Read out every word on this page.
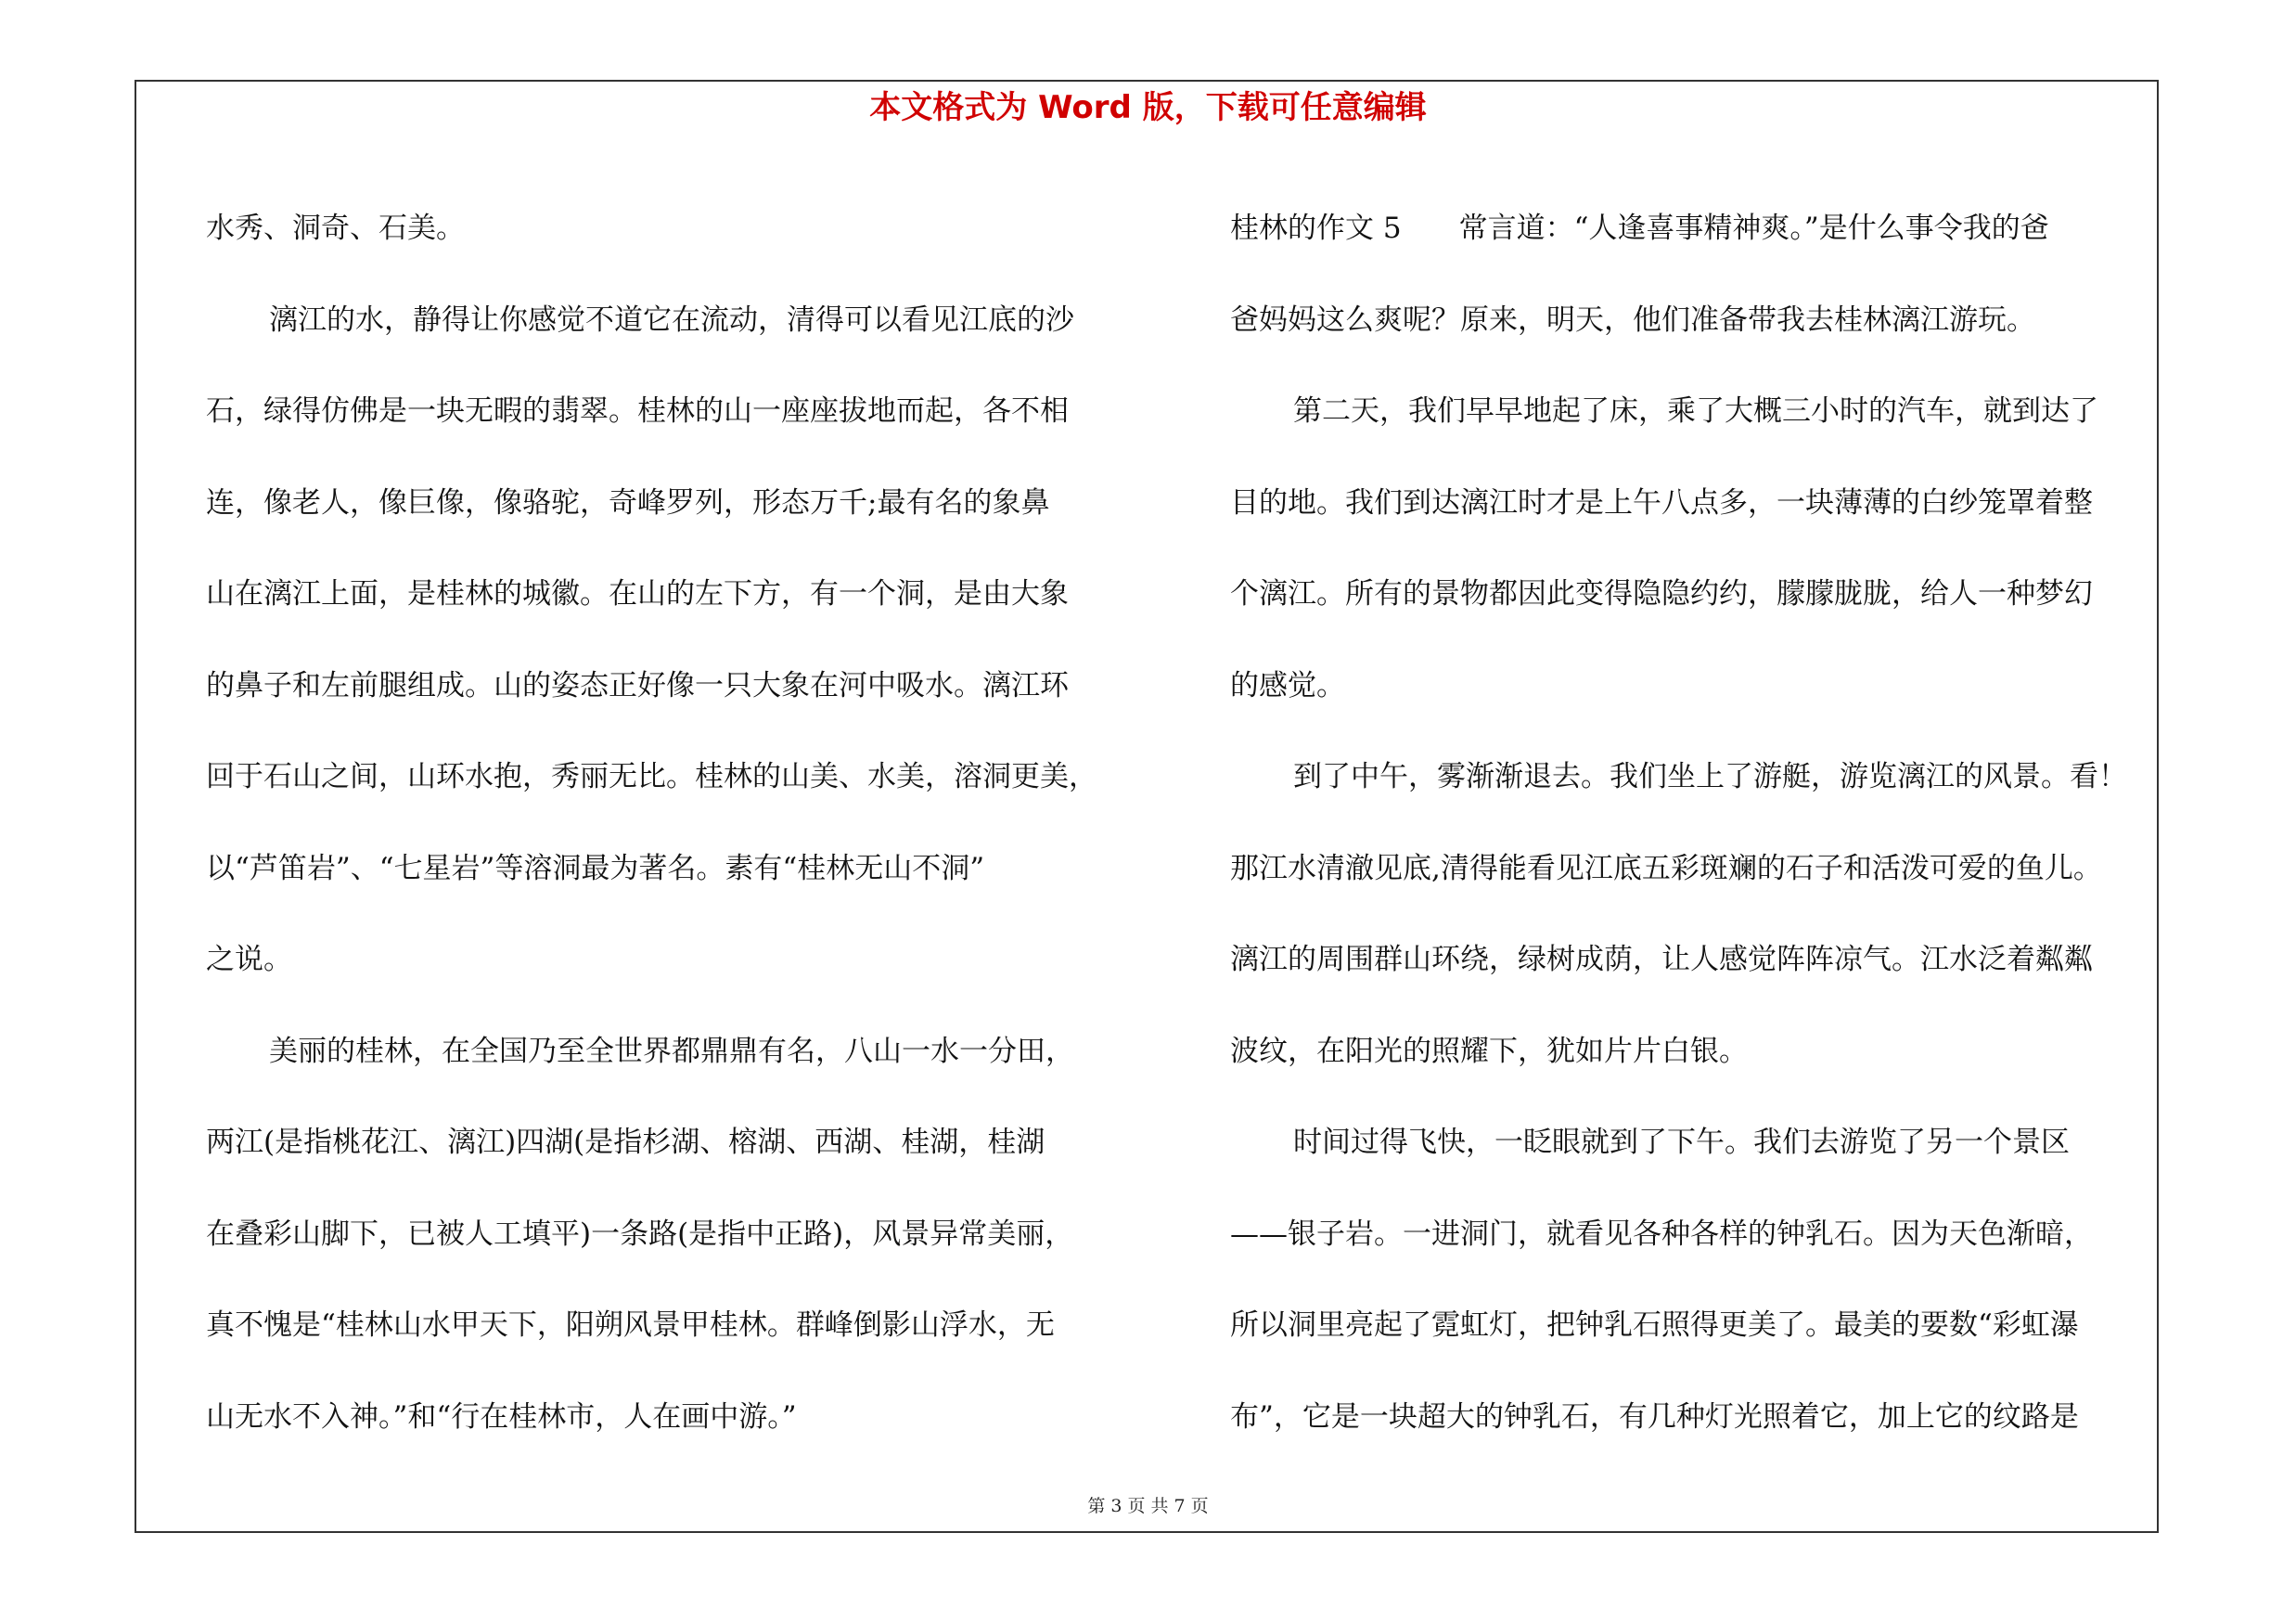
本文格式为 Word 版，下载可任意编辑
水秀、洞奇、石美。
漓江的水，静得让你感觉不道它在流动，清得可以看见江底的沙
石，绿得仿佛是一块无暇的翡翠。桂林的山一座座拔地而起，各不相
连，像老人，像巨像，像骆驼，奇峰罗列，形态万千;最有名的象鼻
山在漓江上面，是桂林的城徽。在山的左下方，有一个洞，是由大象
的鼻子和左前腿组成。山的姿态正好像一只大象在河中吸水。漓江环
回于石山之间，山环水抱，秀丽无比。桂林的山美、水美，溶洞更美，
以“芦笛岩”、“七星岩”等溶洞最为著名。素有“桂林无山不洞”
之说。
美丽的桂林，在全国乃至全世界都鼎鼎有名，八山一水一分田，
两江(是指桃花江、漓江)四湖(是指杉湖、榕湖、西湖、桂湖，桂湖
在叠彩山脚下，已被人工填平)一条路(是指中正路)，风景异常美丽，
真不愧是“桂林山水甲天下，阳朔风景甲桂林。群峰倒影山浮水，无
山无水不入神。”和“行在桂林市，人在画中游。”
桂林的作文 5　　常言道：“人逢喜事精神爽。”是什么事令我的爸
爸妈妈这么爽呢？原来，明天，他们准备带我去桂林漓江游玩。
第二天，我们早早地起了床，乘了大概三小时的汽车，就到达了
目的地。我们到达漓江时才是上午八点多，一块薄薄的白纱笼罩着整
个漓江。所有的景物都因此变得隐隐约约，朦朦胧胧，给人一种梦幻
的感觉。
到了中午，雾渐渐退去。我们坐上了游艇，游览漓江的风景。看！
那江水清澈见底,清得能看见江底五彩斑斓的石子和活泼可爱的鱼儿。
漓江的周围群山环绕，绿树成荫，让人感觉阵阵凉气。江水泛着粼粼
波纹，在阳光的照耀下，犹如片片白银。
时间过得飞快，一眨眼就到了下午。我们去游览了另一个景区
——银子岩。一进洞门，就看见各种各样的钟乳石。因为天色渐暗，
所以洞里亮起了霓虹灯，把钟乳石照得更美了。最美的要数“彩虹瀑
布”，它是一块超大的钟乳石，有几种灯光照着它，加上它的纹路是
第 3 页 共 7 页
